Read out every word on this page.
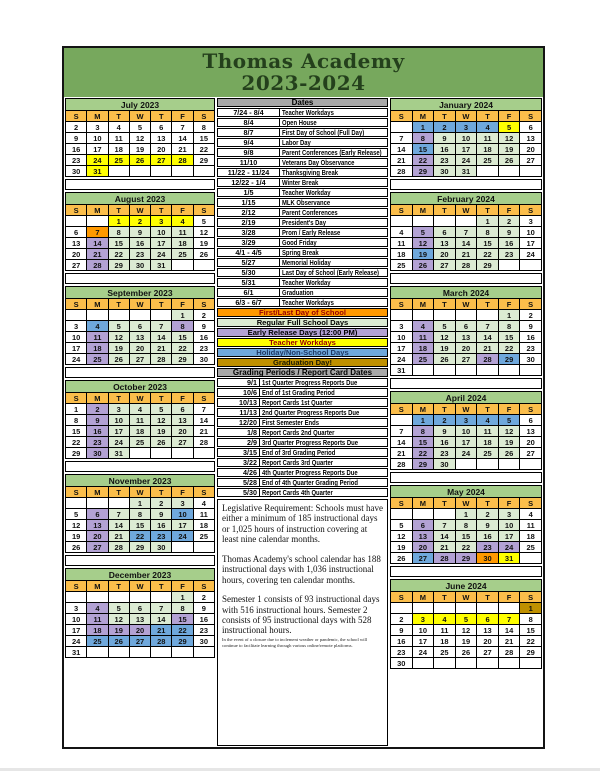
Thomas Academy
2023-2024
July 2023						
S	M	T	W	T	F	S
2	3	4	5	6	7	8
9	10	11	12	13	14	15
16	17	18	19	20	21	22
23	24	25	26	27	28	29
30	31					
August 2023						
S	M	T	W	T	F	S
		1	2	3	4	5
6	7	8	9	10	11	12
13	14	15	16	17	18	19
20	21	22	23	24	25	26
27	28	29	30	31		
September 2023						
S	M	T	W	T	F	S
					1	2
3	4	5	6	7	8	9
10	11	12	13	14	15	16
17	18	19	20	21	22	23
24	25	26	27	28	29	30
October 2023						
S	M	T	W	T	F	S
1	2	3	4	5	6	7
8	9	10	11	12	13	14
15	16	17	18	19	20	21
22	23	24	25	26	27	28
29	30	31				
November 2023						
S	M	T	W	T	F	S
			1	2	3	4
5	6	7	8	9	10	11
12	13	14	15	16	17	18
19	20	21	22	23	24	25
26	27	28	29	30		
December 2023						
S	M	T	W	T	F	S
					1	2
3	4	5	6	7	8	9
10	11	12	13	14	15	16
17	18	19	20	21	22	23
24	25	26	27	28	29	30
31						
Dates
7/24 - 8/4	Teacher Workdays
8/4	Open House
8/7	First Day of School (Full Day)
9/4	Labor Day
9/8	Parent Conferences (Early Release)
11/10	Veterans Day Observance
11/22 - 11/24	Thanksgiving Break
12/22 - 1/4	Winter Break
1/5	Teacher Workday
1/15	MLK Observance
2/12	Parent Conferences
2/19	President's Day
3/28	Prom / Early Release
3/29	Good Friday
4/1 - 4/5	Spring Break
5/27	Memorial Holiday
5/30	Last Day of School (Early Release)
5/31	Teacher Workday
6/1	Graduation
6/3 - 6/7	Teacher Workdays
First/Last Day of School
Regular Full School Days
Early Release Days (12:00 PM)
Teacher Workdays
Holiday/Non-School Days
Graduation Day!
Grading Periods / Report Card Dates
9/1 1st Quarter Progress Reports Due
10/6 End of 1st Grading Period
10/13 Report Cards 1st Quarter
11/13 2nd Quarter Progress Reports Due
12/20 First Semester Ends
1/8 Report Cards 2nd Quarter
2/9 3rd Quarter Progress Reports Due
3/15 End of 3rd Grading Period
3/22 Report Cards 3rd Quarter
4/26 4th Quarter Progress Reports Due
5/28 End of 4th Quarter Grading Period
5/30 Report Cards 4th Quarter

Legislative Requirement: Schools must have either a minimum of 185 instructional days or 1,025 hours of instruction covering at least nine calendar months.

Thomas Academy's school calendar has 188 instructional days with 1,036 instructional hours, covering ten calendar months.

Semester 1 consists of 93 instructional days with 516 instructional hours. Semester 2 consists of 95 instructional days with 528 instructional hours.

In the event of a closure due to inclement weather or pandemic, the school will continue to facilitate learning through various online/remote platforms.
January 2024						
S	M	T	W	T	F	S
	1	2	3	4	5	6
7	8	9	10	11	12	13
14	15	16	17	18	19	20
21	22	23	24	25	26	27
28	29	30	31			
February 2024						
S	M	T	W	T	F	S
				1	2	3
4	5	6	7	8	9	10
11	12	13	14	15	16	17
18	19	20	21	22	23	24
25	26	27	28	29		
March 2024						
S	M	T	W	T	F	S
					1	2
3	4	5	6	7	8	9
10	11	12	13	14	15	16
17	18	19	20	21	22	23
24	25	26	27	28	29	30
31						
April 2024						
S	M	T	W	T	F	S
	1	2	3	4	5	6
7	8	9	10	11	12	13
14	15	16	17	18	19	20
21	22	23	24	25	26	27
28	29	30				
May 2024						
S	M	T	W	T	F	S
			1	2	3	4
5	6	7	8	9	10	11
12	13	14	15	16	17	18
19	20	21	22	23	24	25
26	27	28	29	30	31	
June 2024						
S	M	T	W	T	F	S
						1
2	3	4	5	6	7	8
9	10	11	12	13	14	15
16	17	18	19	20	21	22
23	24	25	26	27	28	29
30						
